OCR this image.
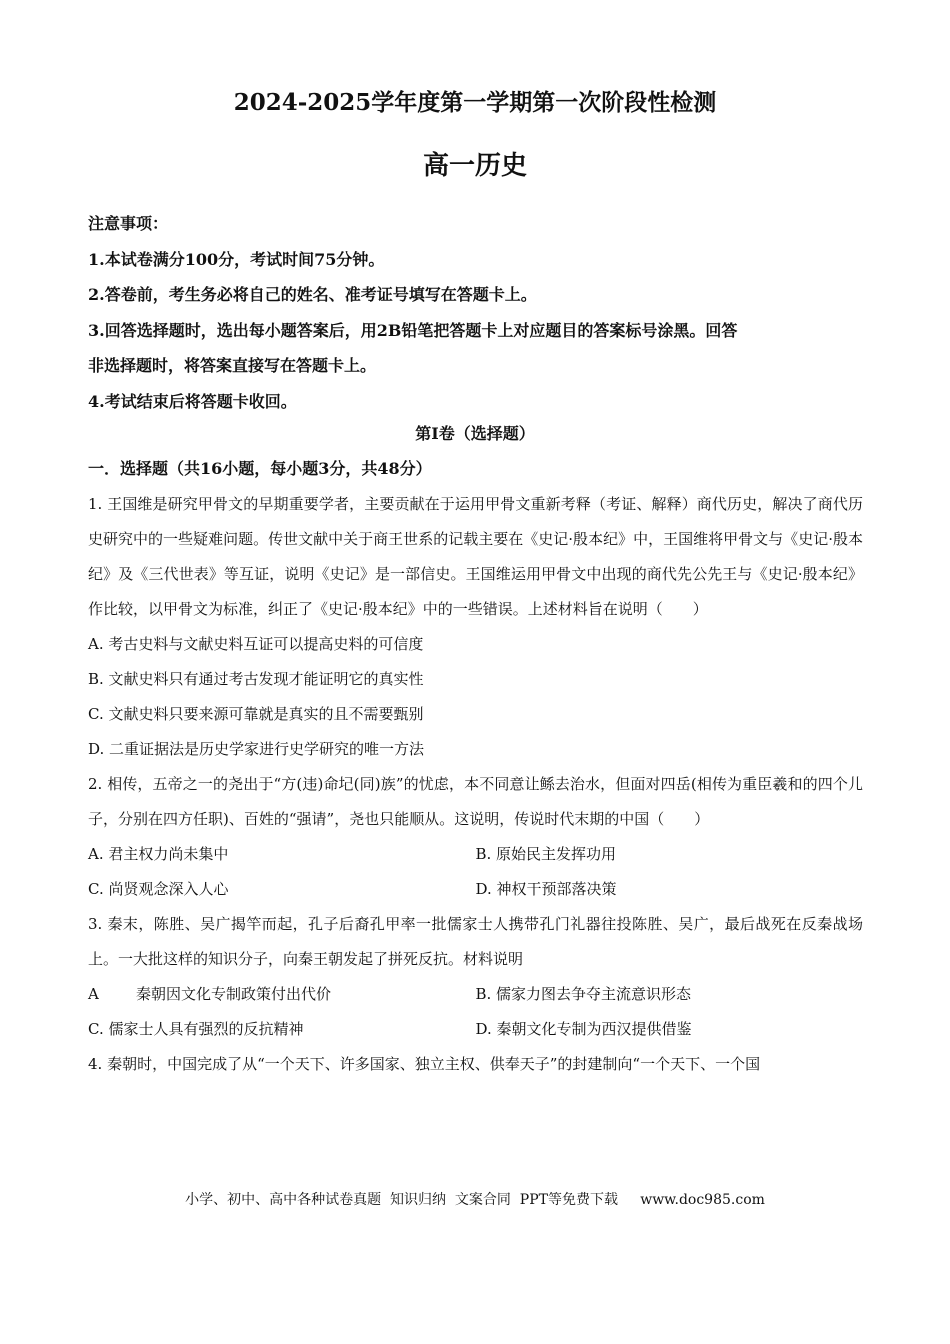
2024-2025学年度第一学期第一次阶段性检测
高一历史
注意事项：
1.本试卷满分100分，考试时间75分钟。
2.答卷前，考生务必将自己的姓名、准考证号填写在答题卡上。
3.回答选择题时，选出每小题答案后，用2B铅笔把答题卡上对应题目的答案标号涂黑。回答
非选择题时，将答案直接写在答题卡上。
4.考试结束后将答题卡收回。
第Ⅰ卷（选择题）
一．选择题（共16小题，每小题3分，共48分）
1. 王国维是研究甲骨文的早期重要学者，主要贡献在于运用甲骨文重新考释（考证、解释）商代历史，解决了商代历史研究中的一些疑难问题。传世文献中关于商王世系的记载主要在《史记·殷本纪》中，王国维将甲骨文与《史记·殷本纪》及《三代世表》等互证，说明《史记》是一部信史。王国维运用甲骨文中出现的商代先公先王与《史记·殷本纪》作比较，以甲骨文为标准，纠正了《史记·殷本纪》中的一些错误。上述材料旨在说明（　　）
A. 考古史料与文献史料互证可以提高史料的可信度
B. 文献史料只有通过考古发现才能证明它的真实性
C. 文献史料只要来源可靠就是真实的且不需要甄别
D. 二重证据法是历史学家进行史学研究的唯一方法
2. 相传，五帝之一的尧出于“方(违)命圮(同)族”的忧虑，本不同意让鲧去治水，但面对四岳(相传为重臣羲和的四个儿子，分别在四方任职)、百姓的“强请”，尧也只能顺从。这说明，传说时代末期的中国（　　）
A. 君主权力尚未集中	B. 原始民主发挥功用
C. 尚贤观念深入人心	D. 神权干预部落决策
3. 秦末，陈胜、吴广揭竿而起，孔子后裔孔甲率一批儒家士人携带孔门礼器往投陈胜、吴广，最后战死在反秦战场上。一大批这样的知识分子，向秦王朝发起了拼死反抗。材料说明
A	秦朝因文化专制政策付出代价	B. 儒家力图去争夺主流意识形态
C. 儒家士人具有强烈的反抗精神	D. 秦朝文化专制为西汉提供借鉴
4. 秦朝时，中国完成了从“一个天下、许多国家、独立主权、供奉天子”的封建制向“一个天下、一个国
小学、初中、高中各种试卷真题  知识归纳  文案合同  PPT等免费下载     www.doc985.com
